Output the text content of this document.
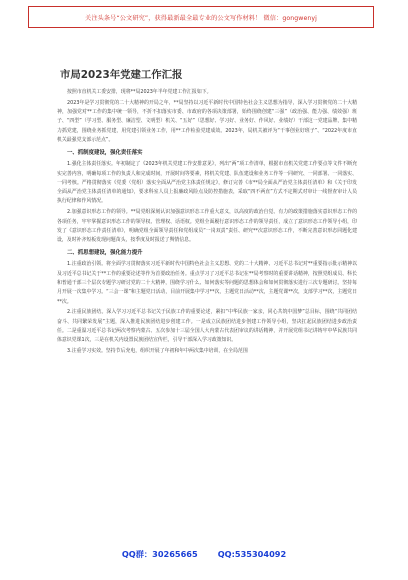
关注头条号“公文研究”，获得最新最全最专业的公文写作材料！ 微信：gongwenyj
市局2023年党建工作汇报
按照市直机关工委安排，现将**局2023年半年党建工作汇报如下。
2023年是学习贯彻党的二十大精神的开局之年，**局坚持以习近平新时代中国特色社会主义思想为指导，深入学习贯彻党的二十大精神，加强党对**工作的集中统一领导，不折不扣落实市委、市政府的各项决策部署，始终围绕创建“三强”（政治强、能力强、绩效强）班子、“四型”（学习型、服务型、廉洁型、文明型）机关、“五好”（思想好、学习好、业务好、作风好、业绩好）干部这一党建品牌，集中精力抓党建，围绕业务抓党建，用党建引领业务工作，用**工作检验党建成效。2023年，局机关被评为“干事创业好班子”、“2022年度市直机关最强党支部示范点”。
一、抓制度建设，强化责任落实
1.强化主体责任落实。年初制定了《2023年机关党建工作安排意见》，列出“两”项工作清单，根据市直机关党建工作要点等文件不断充实完善内容，明确每项工作的负责人和完成时间，开展时间等要素，将机关党建、队伍建设和业务工作等一同研究、一同部署、一同落实、一同考核。严格贯彻落实《党委（党组）落实全面从严治党主体责任规定》，修订完善《市**局全面从严治党主体责任清单》和《关于印发全面从严治党主体责任清单的通知》，要求科室人员上报廉政风险点及防控措施表，采取“四不两直”方式不定期式对审计一线督查审计人员执行纪律和作风情况。
2.加强意识形态工作的领导。**局党组深刻认识加强意识形态工作重大意义，以高度的政治自觉、有力的政策措施落实意识形态工作的各项任务，牢牢掌握意识形态工作的领导权、管理权、话语权。党组全面履行意识形态工作的领导责任，成立了意识形态工作领导小组，印发了《意识形态工作责任清单》，明确党组全面领导责任和党组成员“一岗双责”责任、研究**次意识形态工作，不断完善意识形态同题化建设，及时补齐短板发现问题苗头，按季度及时报送了舆情信息。
二、抓思想建设，强化能力提升
1.注重政治引领。将全面学习贯彻落实习近平新时代中国特色社会主义思想、党的二十大精神、习近平总书记对**重要指示批示精神以及习近平总书记关于**工作的重要论述等作为首要政治任务。重点学习了习近平总书记在**局考察时的重要讲话精神，按照党组成员、科长和普通干部三个层次专题学习研讨党的二十大精神，围绕学习什么、如何落实等问题的思想体会和如何贯彻落实进行三次专题研讨。坚持每月开展一次集中学习。“三会一课”和主题党日活动，目前开展集中学习**次，主题党日活动**次，主题党课**次，支部学习**次，主题党日**次。
2.注重民族团结。深入学习习近平总书记关于民族工作的重要论述，紧扣“中华民族一家亲，同心共筑中国梦”总目标，围绕“共同团结奋斗、共同繁荣发展”主题，深入推进民族团结进步创建工作。一是成立民族团结进步创建工作领导小组，坚决扛起民族团结进步政治责任。二是重温习近平总书记两次考察内蒙古、五次参加十三届全国人大内蒙古代表团审议的讲话精神，并开展党组书记讲铸牢中华民族共同体意识党课1次，三是在机关内设置民族团结宣传栏，引导干部深入学习政策知识。
3.注重学习实效。坚持节后充电，组织开展了年初和年中两次集中培训，在全局范围
QQ群：30265665 QQ:535304092
